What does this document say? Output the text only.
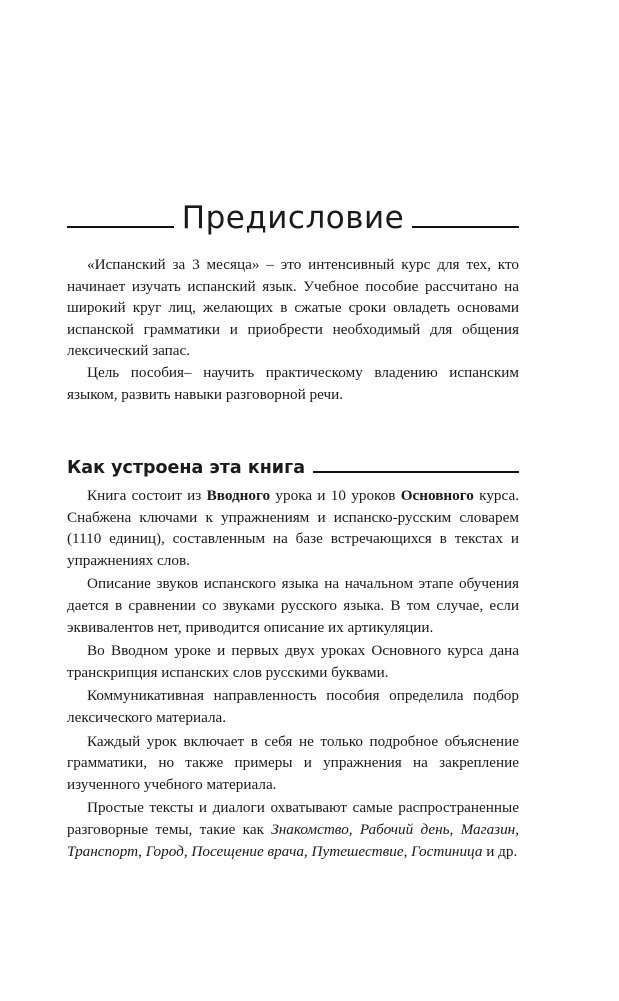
Предисловие

«Испанский за 3 месяца» – это интенсивный курс для тех, кто начинает изучать испанский язык. Учебное пособие рассчитано на широкий круг лиц, желающих в сжатые сроки овладеть основами испанской грамматики и приобрести необходимый для общения лексический запас.

Цель пособия– научить практическому владению испанским языком, развить навыки разговорной речи.

Как устроена эта книга

Книга состоит из Вводного урока и 10 уроков Основного курса. Снабжена ключами к упражнениям и испанско-русским словарем (1110 единиц), составленным на базе встречающихся в текстах и упражнениях слов.

Описание звуков испанского языка на начальном этапе обучения дается в сравнении со звуками русского языка. В том случае, если эквивалентов нет, приводится описание их артикуляции.

Во Вводном уроке и первых двух уроках Основного курса дана транскрипция испанских слов русскими буквами.

Коммуникативная направленность пособия определила подбор лексического материала.

Каждый урок включает в себя не только подробное объяснение грамматики, но также примеры и упражнения на закрепление изученного учебного материала.

Простые тексты и диалоги охватывают самые распространенные разговорные темы, такие как Знакомство, Рабочий день, Магазин, Транспорт, Город, Посещение врача, Путешествие, Гостиница и др.
